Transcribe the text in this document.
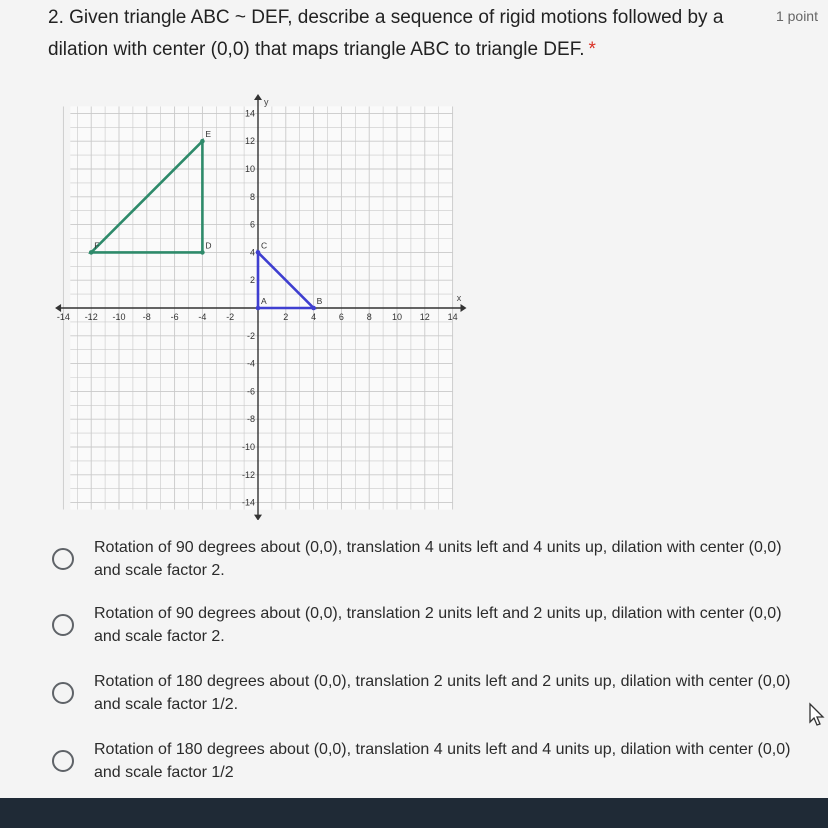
2. Given triangle ABC ~ DEF, describe a sequence of rigid motions followed by a dilation with center (0,0) that maps triangle ABC to triangle DEF. *
1 point
x
y
-14 -12 -10 -8 -6 -4 -2	2	4	6	8 10 12 14
14
12
10
8
6
4
2
-2
-4
-6
-8
-10
-12
-14
A	B
C
D
E
F
Rotation of 90 degrees about (0,0), translation 4 units left and 4 units up, dilation with center (0,0) and scale factor 2.
Rotation of 90 degrees about (0,0), translation 2 units left and 2 units up, dilation with center (0,0) and scale factor 2.
Rotation of 180 degrees about (0,0), translation 2 units left and 2 units up, dilation with center (0,0) and scale factor 1/2.
Rotation of 180 degrees about (0,0), translation 4 units left and 4 units up, dilation with center (0,0) and scale factor 1/2
